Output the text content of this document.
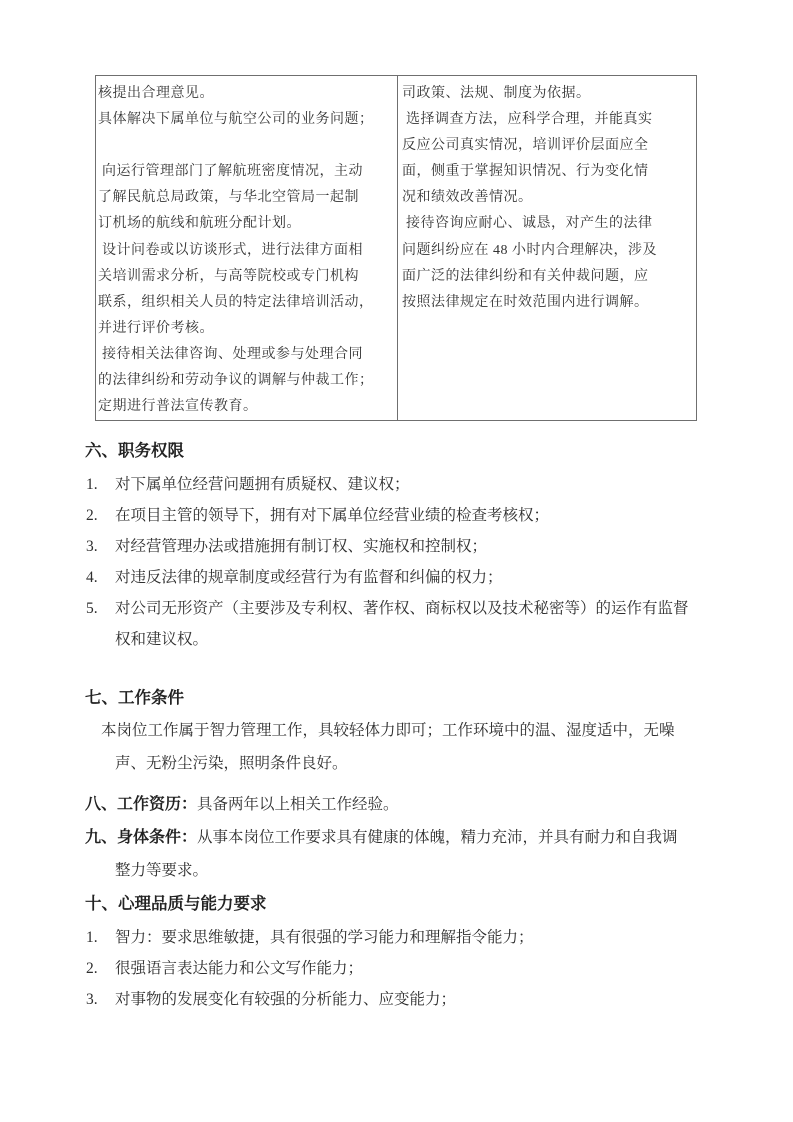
核提出合理意见。
具体解决下属单位与航空公司的业务问题；
向运行管理部门了解航班密度情况，主动
了解民航总局政策，与华北空管局一起制
订机场的航线和航班分配计划。
设计问卷或以访谈形式，进行法律方面相
关培训需求分析，与高等院校或专门机构
联系，组织相关人员的特定法律培训活动，
并进行评价考核。
接待相关法律咨询、处理或参与处理合同
的法律纠纷和劳动争议的调解与仲裁工作；
定期进行普法宣传教育。
司政策、法规、制度为依据。
选择调查方法，应科学合理，并能真实
反应公司真实情况，培训评价层面应全
面，侧重于掌握知识情况、行为变化情
况和绩效改善情况。
接待咨询应耐心、诚恳，对产生的法律
问题纠纷应在 48 小时内合理解决，涉及
面广泛的法律纠纷和有关仲裁问题，应
按照法律规定在时效范围内进行调解。
六、职务权限
1. 对下属单位经营问题拥有质疑权、建议权；
2. 在项目主管的领导下，拥有对下属单位经营业绩的检查考核权；
3. 对经营管理办法或措施拥有制订权、实施权和控制权；
4. 对违反法律的规章制度或经营行为有监督和纠偏的权力；
5. 对公司无形资产（主要涉及专利权、著作权、商标权以及技术秘密等）的运作有监督权和建议权。
七、工作条件
本岗位工作属于智力管理工作，具较轻体力即可；工作环境中的温、湿度适中，无噪声、无粉尘污染，照明条件良好。
八、工作资历：具备两年以上相关工作经验。
九、身体条件：从事本岗位工作要求具有健康的体魄，精力充沛，并具有耐力和自我调整力等要求。
十、心理品质与能力要求
1. 智力：要求思维敏捷，具有很强的学习能力和理解指令能力；
2. 很强语言表达能力和公文写作能力；
3. 对事物的发展变化有较强的分析能力、应变能力；
